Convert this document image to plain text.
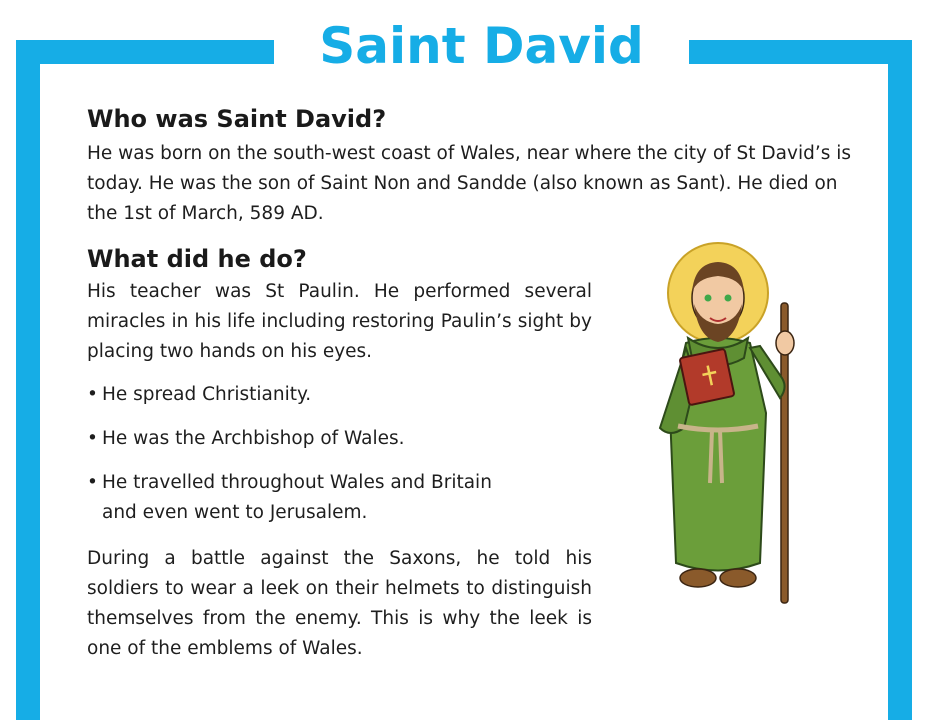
Saint David
Who was Saint David?

He was born on the south-west coast of Wales, near where the city of St David’s is today. He was the son of Saint Non and Sandde (also known as Sant). He died on the 1st of March, 589 AD.

What did he do?

His teacher was St Paulin. He performed several miracles in his life including restoring Paulin’s sight by placing two hands on his eyes.

• He spread Christianity.
• He was the Archbishop of Wales.
• He travelled throughout Wales and Britain and even went to Jerusalem.

During a battle against the Saxons, he told his soldiers to wear a leek on their helmets to distinguish themselves from the enemy. This is why the leek is one of the emblems of Wales.
